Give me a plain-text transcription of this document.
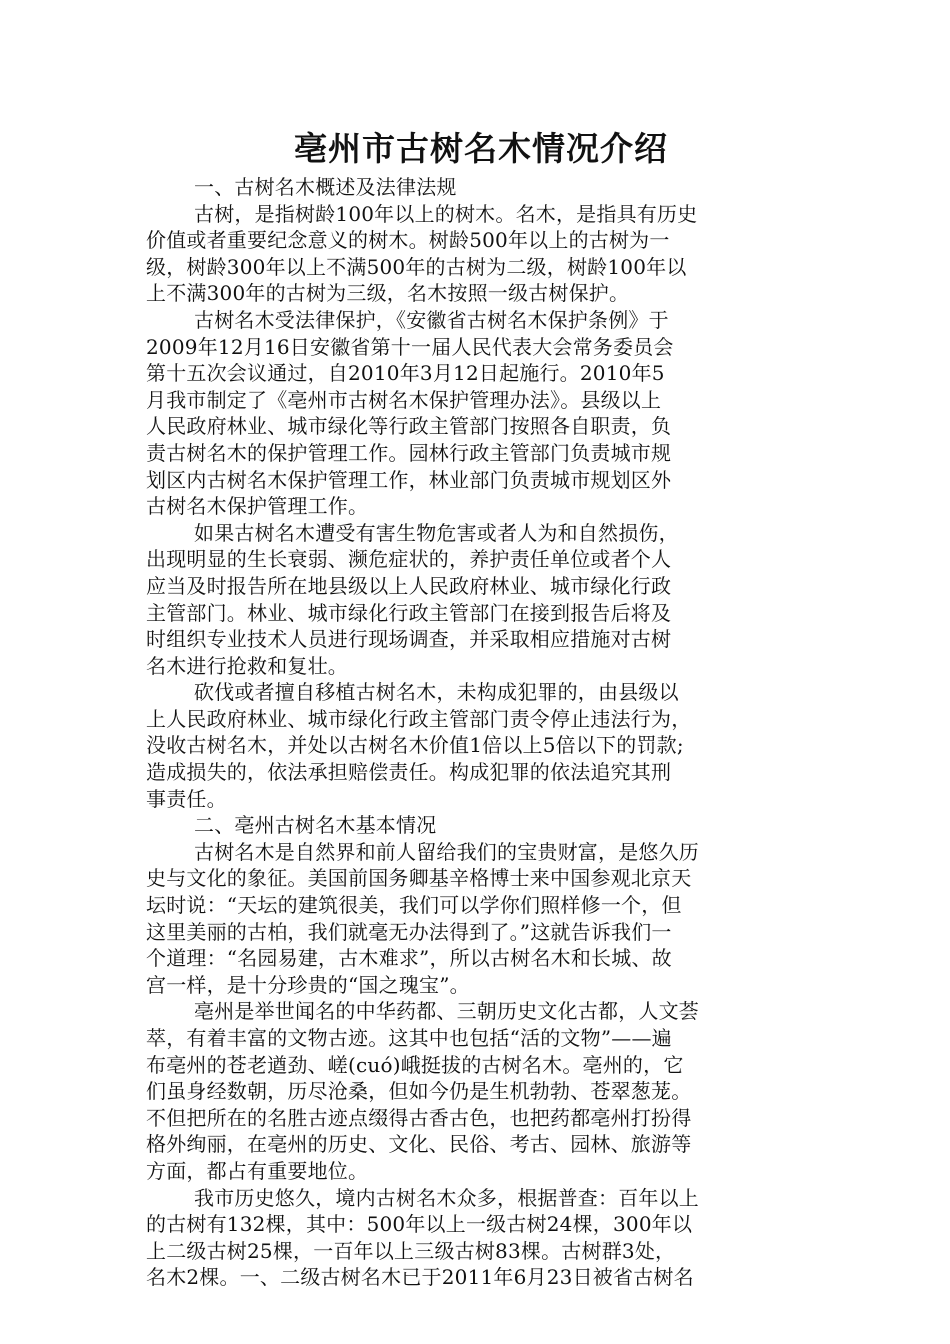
亳州市古树名木情况介绍
一、古树名木概述及法律法规
古树，是指树龄100年以上的树木。名木，是指具有历史
价值或者重要纪念意义的树木。树龄500年以上的古树为一
级，树龄300年以上不满500年的古树为二级，树龄100年以
上不满300年的古树为三级，名木按照一级古树保护。
古树名木受法律保护，《安徽省古树名木保护条例》于
2009年12月16日安徽省第十一届人民代表大会常务委员会
第十五次会议通过，自2010年3月12日起施行。2010年5
月我市制定了《亳州市古树名木保护管理办法》。县级以上
人民政府林业、城市绿化等行政主管部门按照各自职责，负
责古树名木的保护管理工作。园林行政主管部门负责城市规
划区内古树名木保护管理工作，林业部门负责城市规划区外
古树名木保护管理工作。
如果古树名木遭受有害生物危害或者人为和自然损伤，
出现明显的生长衰弱、濒危症状的，养护责任单位或者个人
应当及时报告所在地县级以上人民政府林业、城市绿化行政
主管部门。林业、城市绿化行政主管部门在接到报告后将及
时组织专业技术人员进行现场调查，并采取相应措施对古树
名木进行抢救和复壮。
砍伐或者擅自移植古树名木，未构成犯罪的，由县级以
上人民政府林业、城市绿化行政主管部门责令停止违法行为，
没收古树名木，并处以古树名木价值1倍以上5倍以下的罚款;
造成损失的，依法承担赔偿责任。构成犯罪的依法追究其刑
事责任。
二、亳州古树名木基本情况
古树名木是自然界和前人留给我们的宝贵财富，是悠久历
史与文化的象征。美国前国务卿基辛格博士来中国参观北京天
坛时说：“天坛的建筑很美，我们可以学你们照样修一个，但
这里美丽的古柏，我们就毫无办法得到了。”这就告诉我们一
个道理：“名园易建，古木难求”，所以古树名木和长城、故
宫一样，是十分珍贵的“国之瑰宝”。
亳州是举世闻名的中华药都、三朝历史文化古都，人文荟
萃，有着丰富的文物古迹。这其中也包括“活的文物”——遍
布亳州的苍老遒劲、嵯(cuó)峨挺拔的古树名木。亳州的，它
们虽身经数朝，历尽沧桑，但如今仍是生机勃勃、苍翠葱茏。
不但把所在的名胜古迹点缀得古香古色，也把药都亳州打扮得
格外绚丽，在亳州的历史、文化、民俗、考古、园林、旅游等
方面，都占有重要地位。
我市历史悠久，境内古树名木众多，根据普查：百年以上
的古树有132棵，其中：500年以上一级古树24棵，300年以
上二级古树25棵，一百年以上三级古树83棵。古树群3处，
名木2棵。一、二级古树名木已于2011年6月23日被省古树名
